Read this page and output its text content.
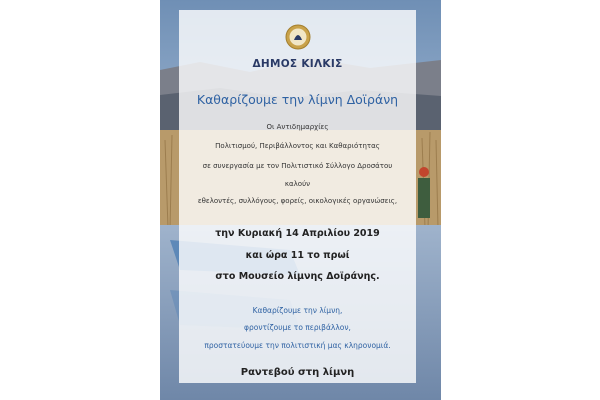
ΔΗΜΟΣ ΚΙΛΚΙΣ
Καθαρίζουμε την λίμνη Δοϊράνη
Οι Αντιδημαρχίες
Πολιτισμού, Περιβάλλοντος και Καθαριότητας
σε συνεργασία με τον Πολιτιστικό Σύλλογο Δροσάτου
καλούν
εθελοντές, συλλόγους, φορείς, οικολογικές οργανώσεις,
την Κυριακή 14 Απριλίου 2019
και ώρα 11 το πρωί
στο Μουσείο λίμνης Δοϊράνης.
Καθαρίζουμε την λίμνη,
φροντίζουμε το περιβάλλον,
προστατεύουμε την πολιτιστική μας κληρονομιά.
Ραντεβού στη λίμνη
